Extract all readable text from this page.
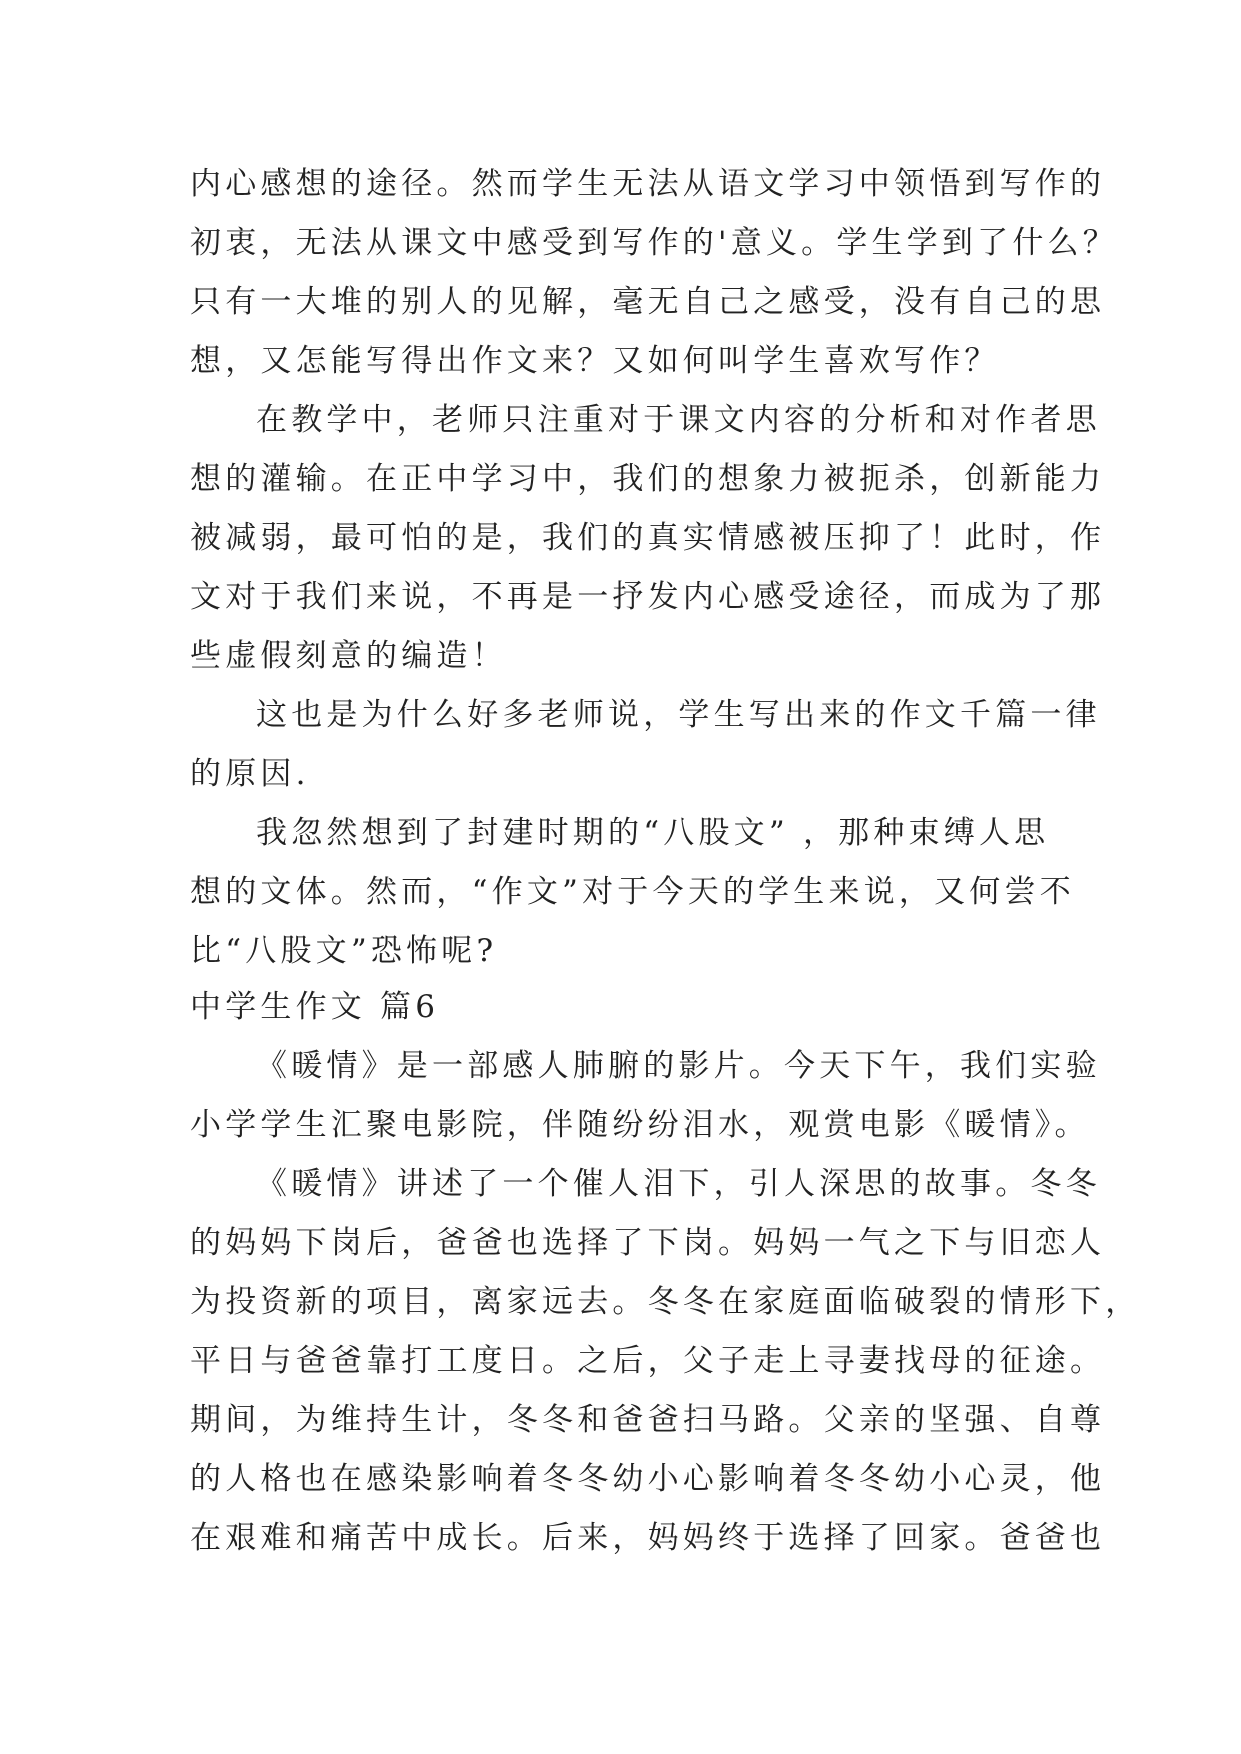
内心感想的途径。然而学生无法从语文学习中领悟到写作的
初衷，无法从课文中感受到写作的'意义。学生学到了什么？
只有一大堆的别人的见解，毫无自己之感受，没有自己的思
想，又怎能写得出作文来？又如何叫学生喜欢写作？
在教学中，老师只注重对于课文内容的分析和对作者思
想的灌输。在正中学习中，我们的想象力被扼杀，创新能力
被减弱，最可怕的是，我们的真实情感被压抑了！此时，作
文对于我们来说，不再是一抒发内心感受途径，而成为了那
些虚假刻意的编造！
这也是为什么好多老师说，学生写出来的作文千篇一律
的原因.
我忽然想到了封建时期的“八股文” ，那种束缚人思
想的文体。然而，“作文”对于今天的学生来说，又何尝不
比“八股文”恐怖呢?
中学生作文 篇6
《暖情》是一部感人肺腑的影片。今天下午，我们实验
小学学生汇聚电影院，伴随纷纷泪水，观赏电影《暖情》。
《暖情》讲述了一个催人泪下，引人深思的故事。冬冬
的妈妈下岗后，爸爸也选择了下岗。妈妈一气之下与旧恋人
为投资新的项目，离家远去。冬冬在家庭面临破裂的情形下，
平日与爸爸靠打工度日。之后，父子走上寻妻找母的征途。
期间，为维持生计，冬冬和爸爸扫马路。父亲的坚强、自尊
的人格也在感染影响着冬冬幼小心影响着冬冬幼小心灵，他
在艰难和痛苦中成长。后来，妈妈终于选择了回家。爸爸也
